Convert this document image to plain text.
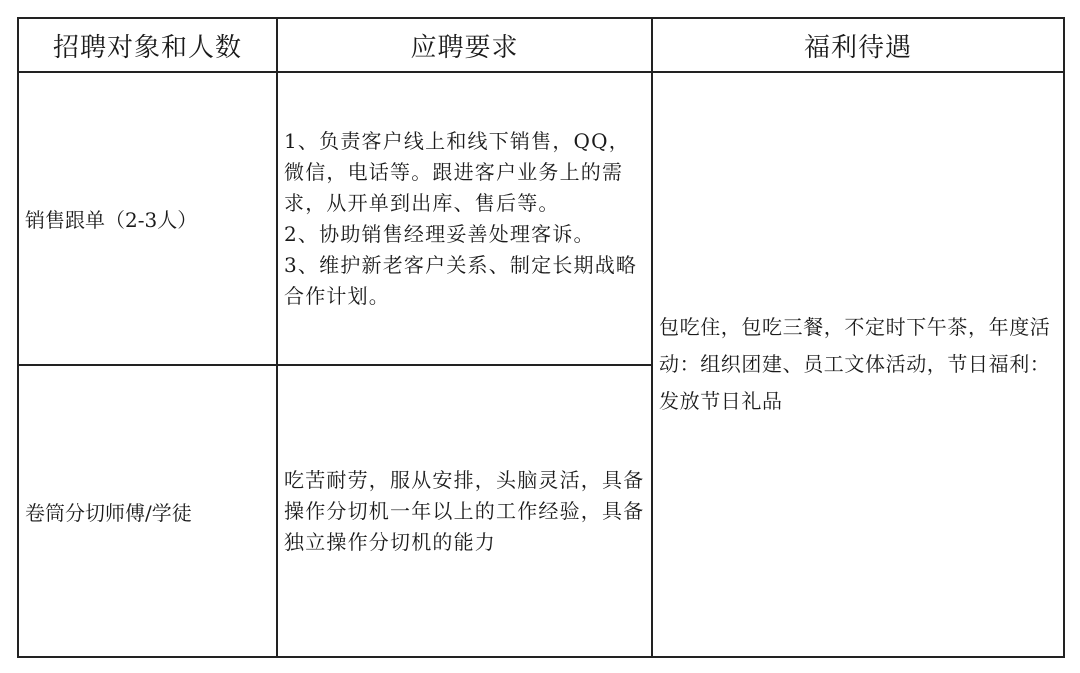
招聘对象和人数	应聘要求	福利待遇
销售跟单（2-3人）	1、负责客户线上和线下销售，QQ，微信，电话等。跟进客户业务上的需求，从开单到出库、售后等。
2、协助销售经理妥善处理客诉。
3、维护新老客户关系、制定长期战略合作计划。	包吃住，包吃三餐，不定时下午茶，年度活动：组织团建、员工文体活动，节日福利：发放节日礼品
卷筒分切师傅/学徒	吃苦耐劳，服从安排，头脑灵活，具备操作分切机一年以上的工作经验，具备独立操作分切机的能力	
